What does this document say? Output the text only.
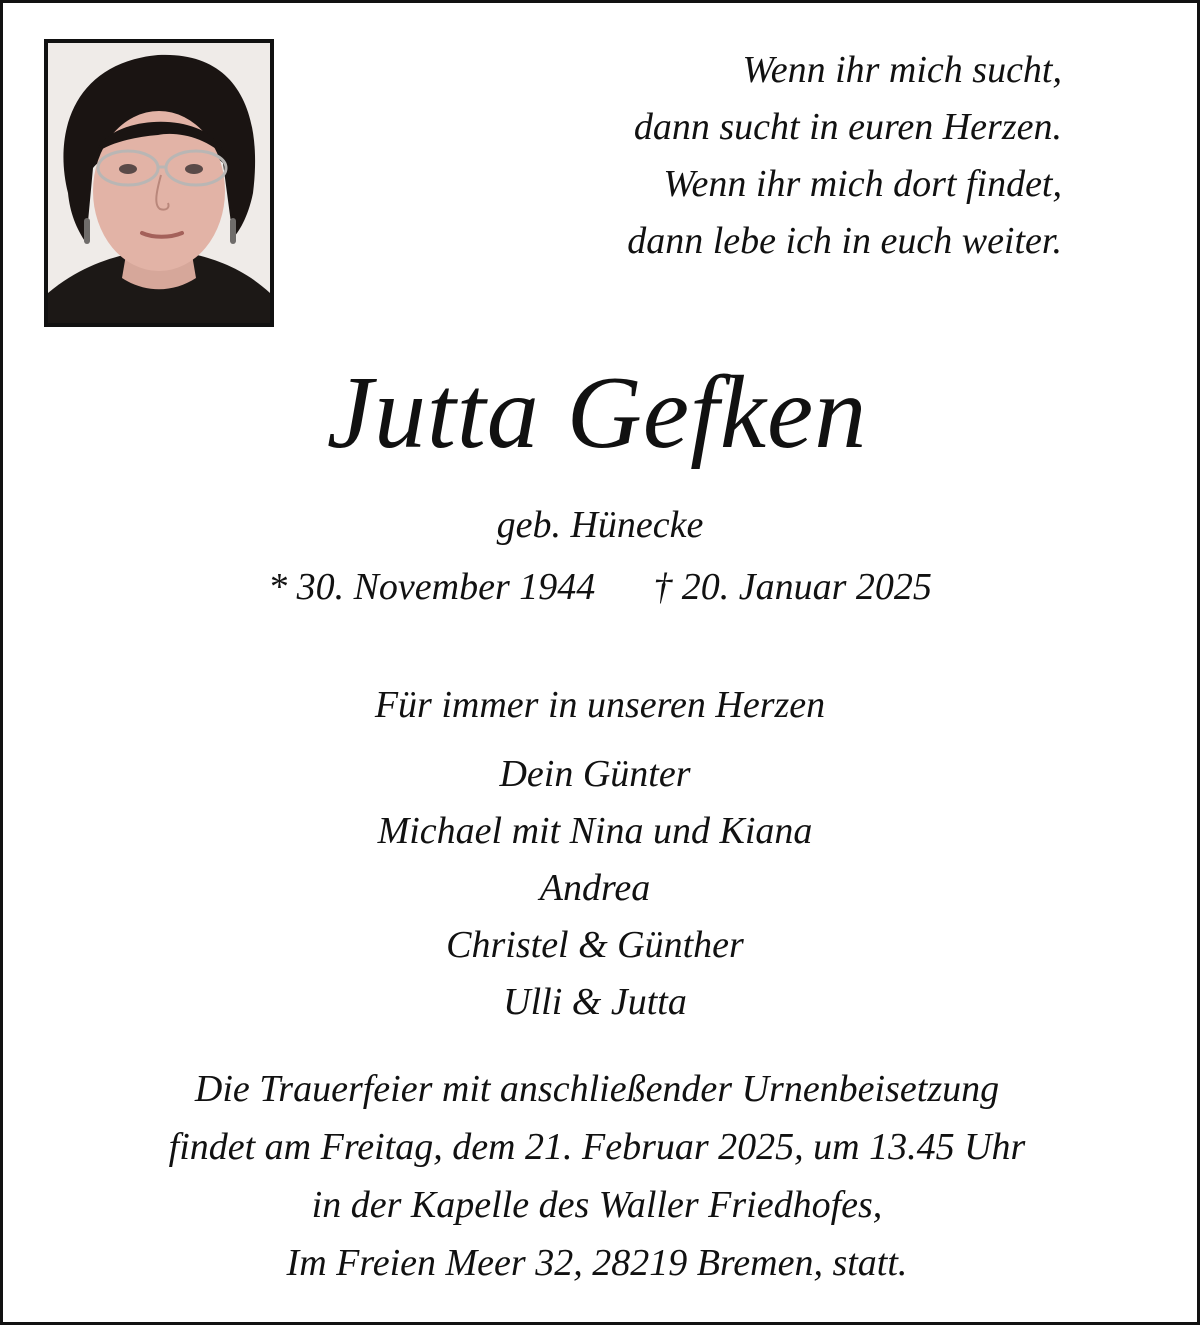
Wenn ihr mich sucht,
dann sucht in euren Herzen.
Wenn ihr mich dort findet,
dann lebe ich in euch weiter.
Jutta Gefken
geb. Hünecke
* 30. November 1944 † 20. Januar 2025
Für immer in unseren Herzen
Dein Günter
Michael mit Nina und Kiana
Andrea
Christel & Günther
Ulli & Jutta
Die Trauerfeier mit anschließender Urnenbeisetzung
findet am Freitag, dem 21. Februar 2025, um 13.45 Uhr
in der Kapelle des Waller Friedhofes,
Im Freien Meer 32, 28219 Bremen, statt.
